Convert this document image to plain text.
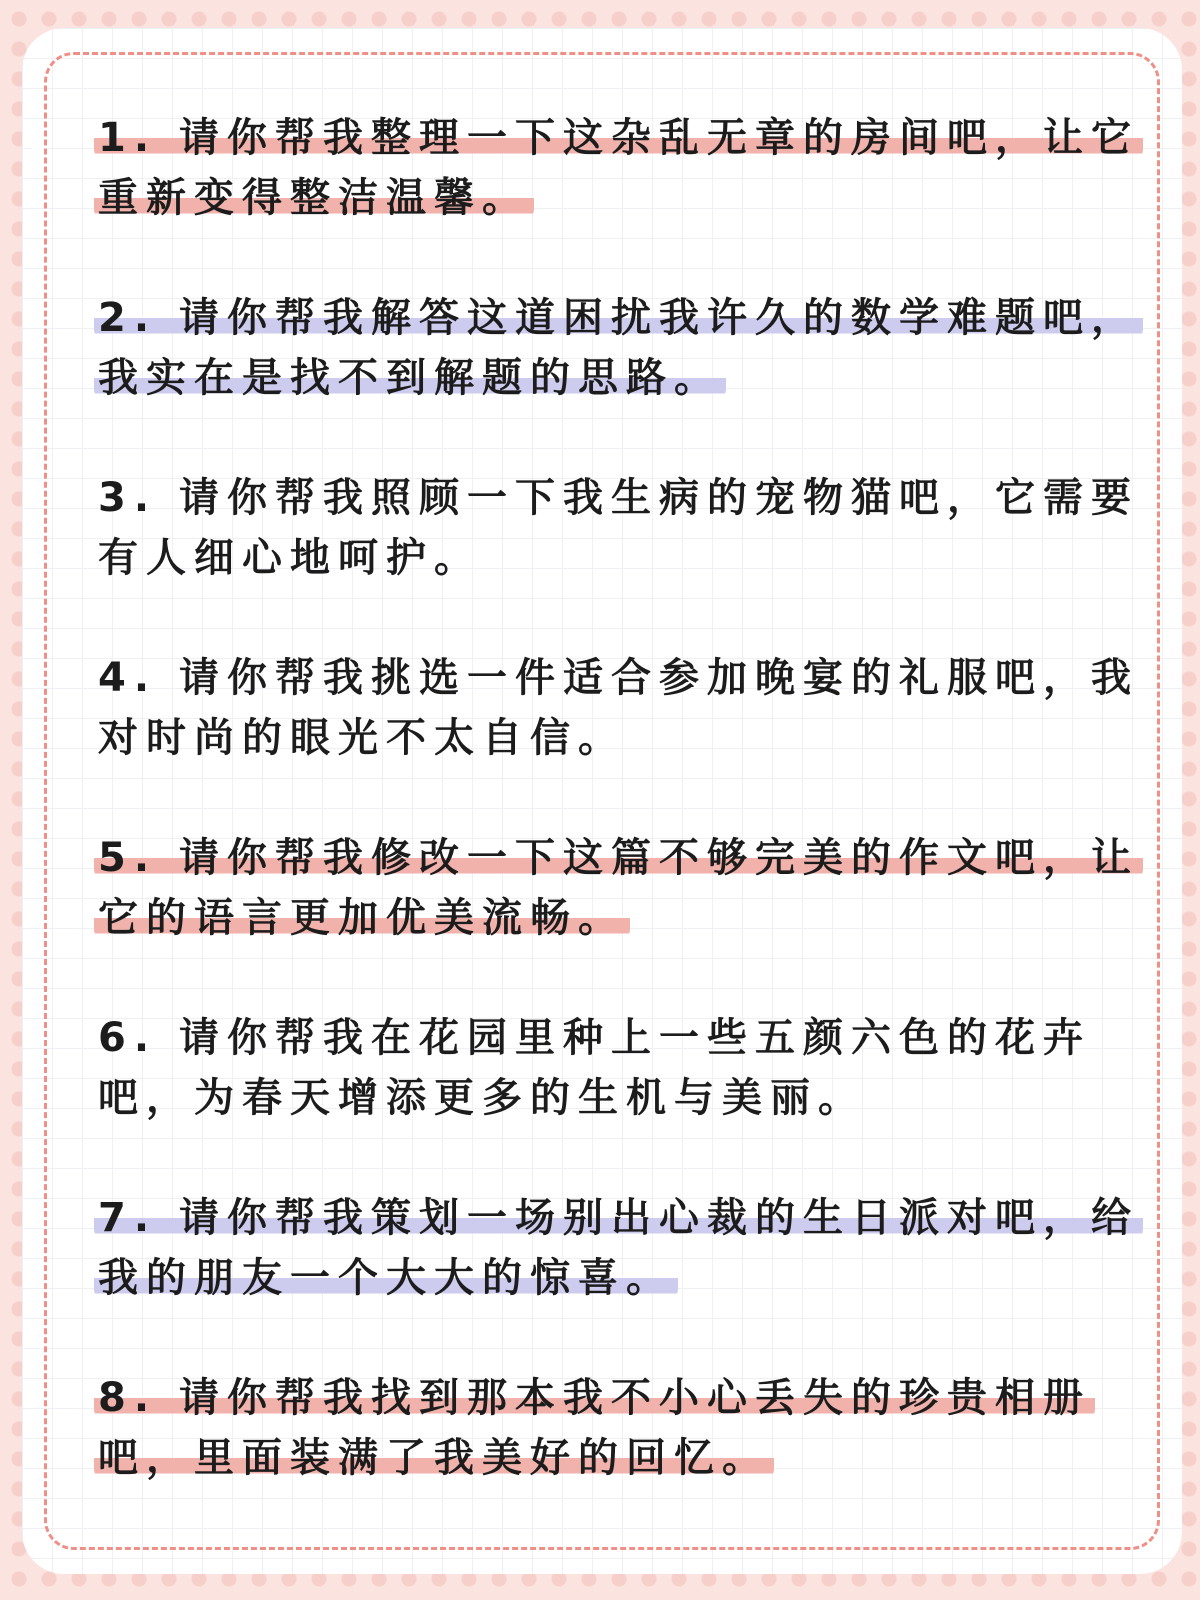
1. 请你帮我整理一下这杂乱无章的房间吧，让它重新变得整洁温馨。
2. 请你帮我解答这道困扰我许久的数学难题吧，我实在是找不到解题的思路。
3. 请你帮我照顾一下我生病的宠物猫吧，它需要有人细心地呵护。
4. 请你帮我挑选一件适合参加晚宴的礼服吧，我对时尚的眼光不太自信。
5. 请你帮我修改一下这篇不够完美的作文吧，让它的语言更加优美流畅。
6. 请你帮我在花园里种上一些五颜六色的花卉吧，为春天增添更多的生机与美丽。
7. 请你帮我策划一场别出心裁的生日派对吧，给我的朋友一个大大的惊喜。
8. 请你帮我找到那本我不小心丢失的珍贵相册吧，里面装满了我美好的回忆。
